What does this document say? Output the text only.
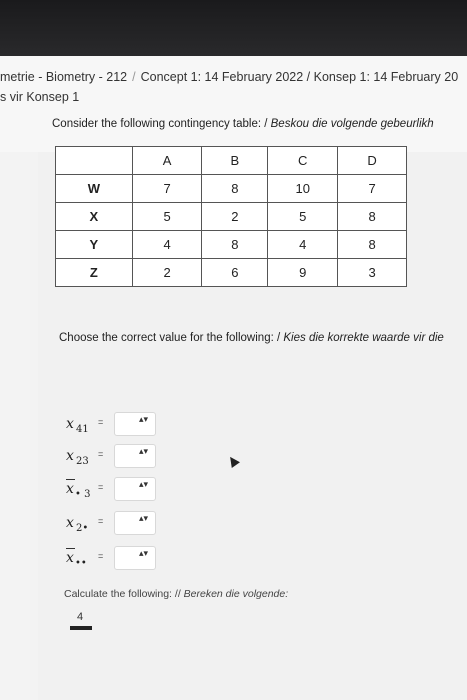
metrie - Biometry - 212 / Concept 1: 14 February 2022 / Konsep 1: 14 February 20
s vir Konsep 1
Consider the following contingency table: / Beskou die volgende gebeurlikh
	A	B	C	D
W	7	8	10	7
X	5	2	5	8
Y	4	8	4	8
Z	2	6	9	3
Choose the correct value for the following: / Kies die korrekte waarde vir die
x 41
=	▴▾
x 23
=	▴▾
x • 3
=	▴▾
x 2•
=	▴▾
x ••
=	▴▾
Calculate the following: // Bereken die volgende:
4
